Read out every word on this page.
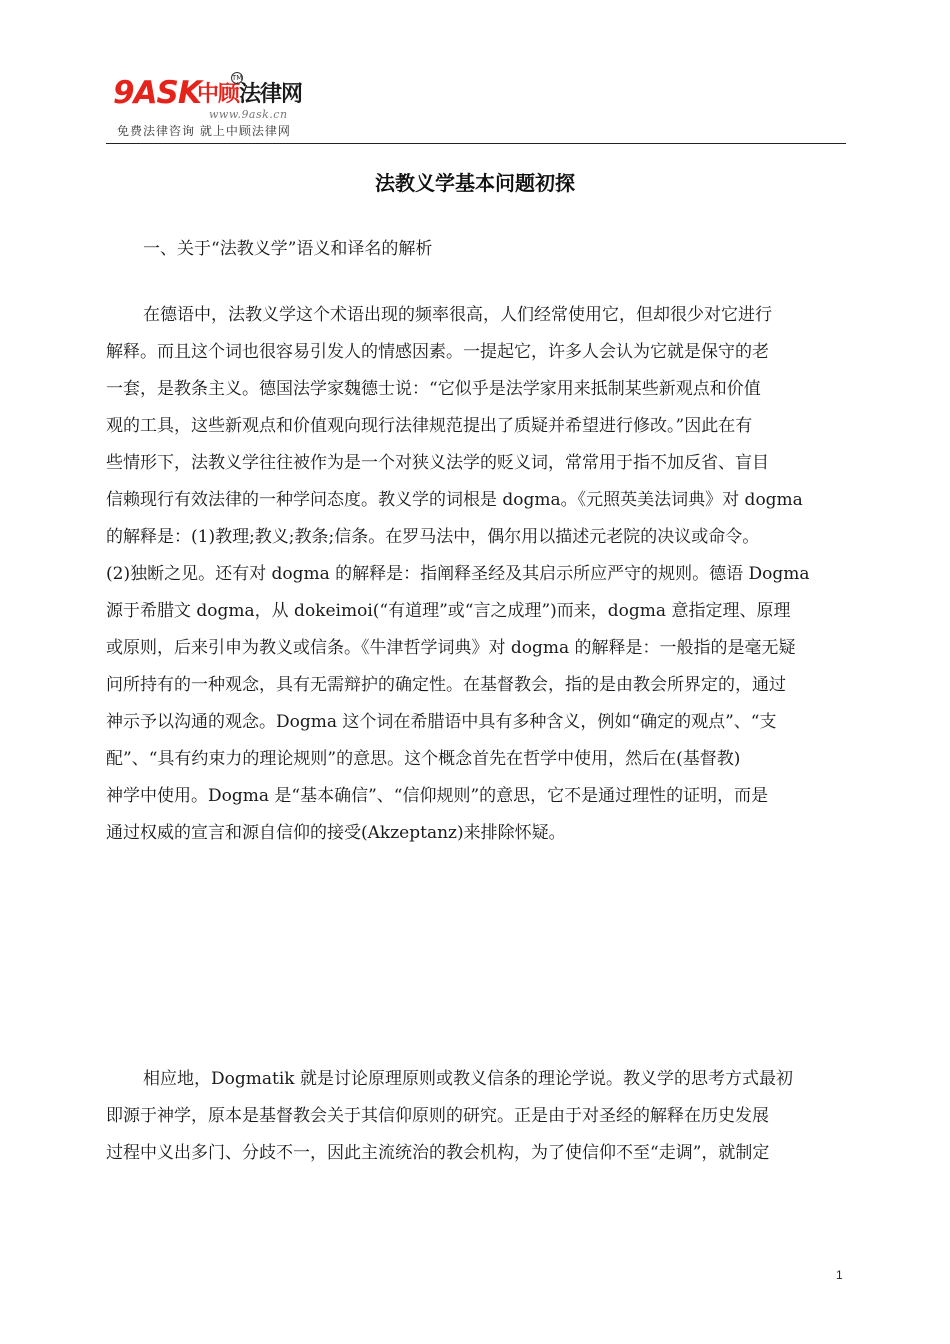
9ASK
中顾法律网
TM
www.9ask.cn
免费法律咨询 就上中顾法律网
法教义学基本问题初探
一、关于“法教义学”语义和译名的解析
在德语中，法教义学这个术语出现的频率很高，人们经常使用它，但却很少对它进行
解释。而且这个词也很容易引发人的情感因素。一提起它，许多人会认为它就是保守的老
一套，是教条主义。德国法学家魏德士说：“它似乎是法学家用来抵制某些新观点和价值
观的工具，这些新观点和价值观向现行法律规范提出了质疑并希望进行修改。”因此在有
些情形下，法教义学往往被作为是一个对狭义法学的贬义词，常常用于指不加反省、盲目
信赖现行有效法律的一种学问态度。教义学的词根是 dogma。《元照英美法词典》对 dogma
的解释是：(1)教理;教义;教条;信条。在罗马法中，偶尔用以描述元老院的决议或命令。
(2)独断之见。还有对 dogma 的解释是：指阐释圣经及其启示所应严守的规则。德语 Dogma
源于希腊文 dogma，从 dokeimoi(“有道理”或“言之成理”)而来，dogma 意指定理、原理
或原则，后来引申为教义或信条。《牛津哲学词典》对 dogma 的解释是：一般指的是毫无疑
问所持有的一种观念，具有无需辩护的确定性。在基督教会，指的是由教会所界定的，通过
神示予以沟通的观念。Dogma 这个词在希腊语中具有多种含义，例如“确定的观点”、“支
配”、“具有约束力的理论规则”的意思。这个概念首先在哲学中使用，然后在(基督教)
神学中使用。Dogma 是“基本确信”、“信仰规则”的意思，它不是通过理性的证明，而是
通过权威的宣言和源自信仰的接受(Akzeptanz)来排除怀疑。
相应地，Dogmatik 就是讨论原理原则或教义信条的理论学说。教义学的思考方式最初
即源于神学，原本是基督教会关于其信仰原则的研究。正是由于对圣经的解释在历史发展
过程中义出多门、分歧不一，因此主流统治的教会机构，为了使信仰不至“走调”，就制定
1
